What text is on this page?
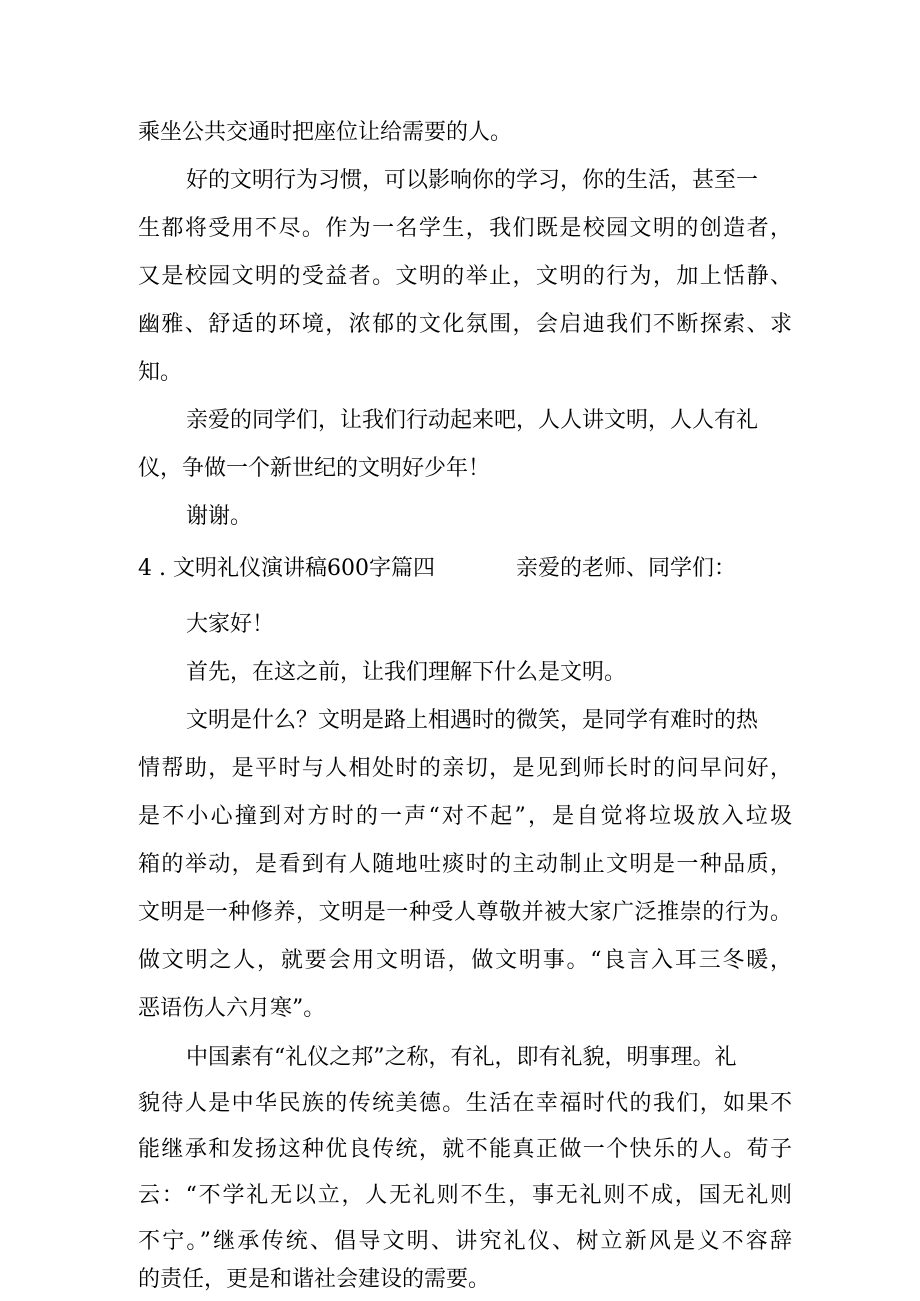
乘坐公共交通时把座位让给需要的人。
好的文明行为习惯，可以影响你的学习，你的生活，甚至一
生都将受用不尽。作为一名学生，我们既是校园文明的创造者，
又是校园文明的受益者。文明的举止，文明的行为，加上恬静、
幽雅、舒适的环境，浓郁的文化氛围，会启迪我们不断探索、求
知。
亲爱的同学们，让我们行动起来吧，人人讲文明，人人有礼
仪，争做一个新世纪的文明好少年！
谢谢。
4 . 文明礼仪演讲稿600字篇四	亲爱的老师、同学们：
大家好！
首先，在这之前，让我们理解下什么是文明。
文明是什么？文明是路上相遇时的微笑，是同学有难时的热
情帮助，是平时与人相处时的亲切，是见到师长时的问早问好，
是不小心撞到对方时的一声“对不起”，是自觉将垃圾放入垃圾
箱的举动，是看到有人随地吐痰时的主动制止文明是一种品质，
文明是一种修养，文明是一种受人尊敬并被大家广泛推崇的行为。
做文明之人，就要会用文明语，做文明事。“良言入耳三冬暖，
恶语伤人六月寒”。
中国素有“礼仪之邦”之称，有礼，即有礼貌，明事理。礼
貌待人是中华民族的传统美德。生活在幸福时代的我们，如果不
能继承和发扬这种优良传统，就不能真正做一个快乐的人。荀子
云：“不学礼无以立，人无礼则不生，事无礼则不成，国无礼则
不宁。”继承传统、倡导文明、讲究礼仪、树立新风是义不容辞
的责任，更是和谐社会建设的需要。
